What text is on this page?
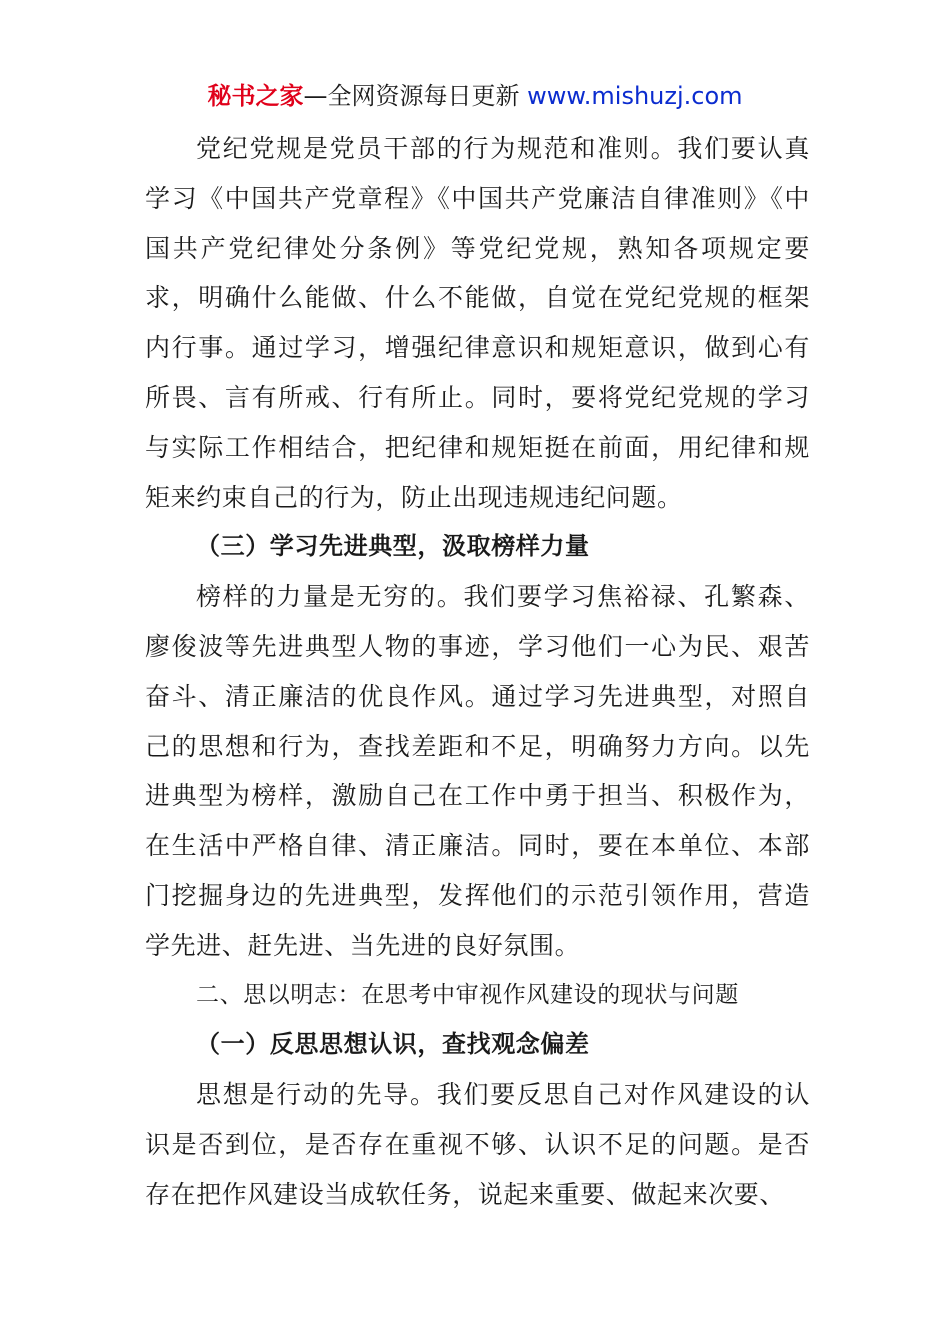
秘书之家—全网资源每日更新 www.mishuzj.com

党纪党规是党员干部的行为规范和准则。我们要认真学习《中国共产党章程》《中国共产党廉洁自律准则》《中国共产党纪律处分条例》等党纪党规，熟知各项规定要求，明确什么能做、什么不能做，自觉在党纪党规的框架内行事。通过学习，增强纪律意识和规矩意识，做到心有所畏、言有所戒、行有所止。同时，要将党纪党规的学习与实际工作相结合，把纪律和规矩挺在前面，用纪律和规矩来约束自己的行为，防止出现违规违纪问题。

（三）学习先进典型，汲取榜样力量

榜样的力量是无穷的。我们要学习焦裕禄、孔繁森、廖俊波等先进典型人物的事迹，学习他们一心为民、艰苦奋斗、清正廉洁的优良作风。通过学习先进典型，对照自己的思想和行为，查找差距和不足，明确努力方向。以先进典型为榜样，激励自己在工作中勇于担当、积极作为，在生活中严格自律、清正廉洁。同时，要在本单位、本部门挖掘身边的先进典型，发挥他们的示范引领作用，营造学先进、赶先进、当先进的良好氛围。

二、思以明志：在思考中审视作风建设的现状与问题

（一）反思思想认识，查找观念偏差

思想是行动的先导。我们要反思自己对作风建设的认识是否到位，是否存在重视不够、认识不足的问题。是否存在把作风建设当成软任务，说起来重要、做起来次要、
